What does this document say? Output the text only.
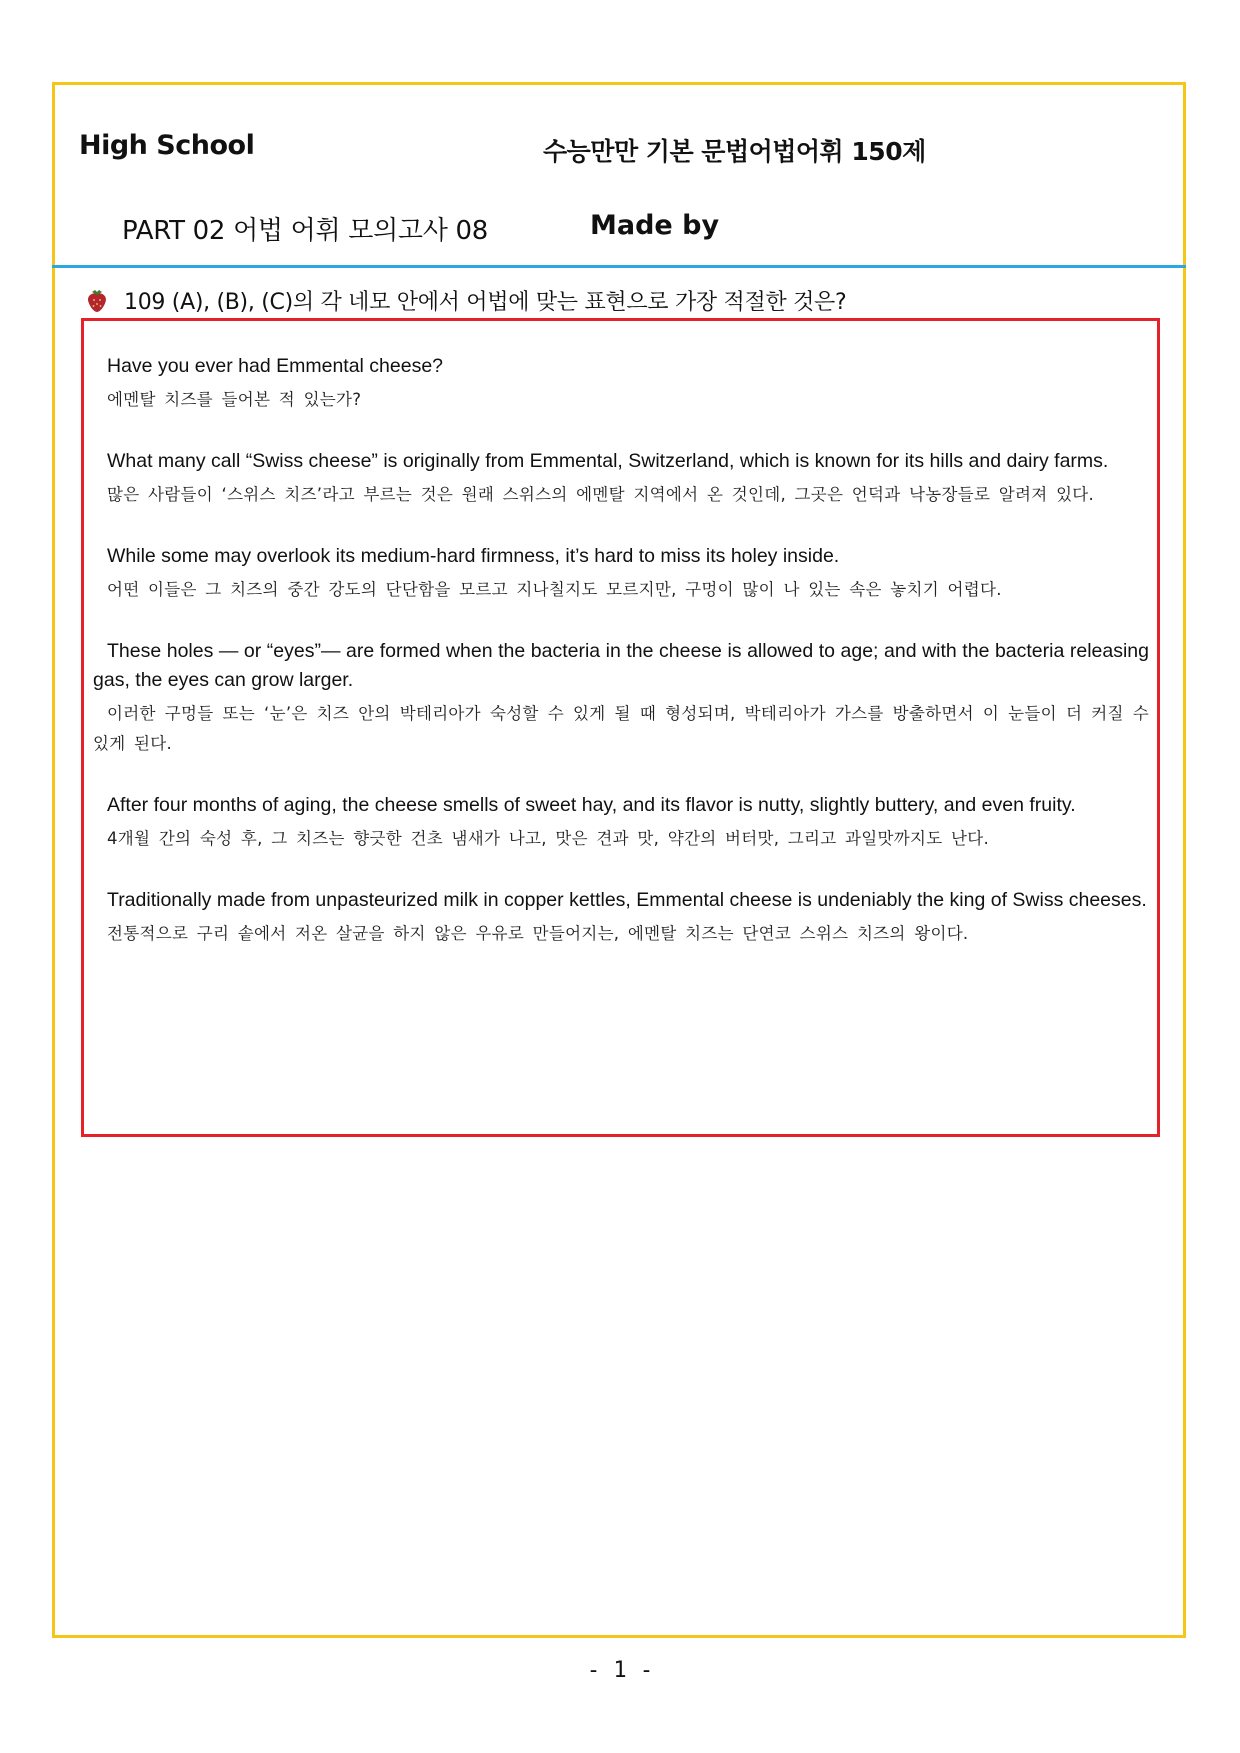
High School	수능만만 기본 문법어법어휘 150제
PART 02 어법 어휘 모의고사 08	Made by
109 (A), (B), (C)의 각 네모 안에서 어법에 맞는 표현으로 가장 적절한 것은?

Have you ever had Emmental cheese?

에멘탈 치즈를 들어본 적 있는가?

What many call “Swiss cheese” is originally from Emmental, Switzerland, which is known for its hills and dairy farms.

많은 사람들이 ‘스위스 치즈’라고 부르는 것은 원래 스위스의 에멘탈 지역에서 온 것인데, 그곳은 언덕과 낙농장들로 알려져 있다.

While some may overlook its medium-hard firmness, it’s hard to miss its holey inside.

어떤 이들은 그 치즈의 중간 강도의 단단함을 모르고 지나칠지도 모르지만, 구멍이 많이 나 있는 속은 놓치기 어렵다.

These holes — or “eyes”— are formed when the bacteria in the cheese is allowed to age; and with the bacteria releasing gas, the eyes can grow larger.

이러한 구멍들 또는 ‘눈’은 치즈 안의 박테리아가 숙성할 수 있게 될 때 형성되며, 박테리아가 가스를 방출하면서 이 눈들이 더 커질 수 있게 된다.

After four months of aging, the cheese smells of sweet hay, and its flavor is nutty, slightly buttery, and even fruity.

4개월 간의 숙성 후, 그 치즈는 향긋한 건초 냄새가 나고, 맛은 견과 맛, 약간의 버터맛, 그리고 과일맛까지도 난다.

Traditionally made from unpasteurized milk in copper kettles, Emmental cheese is undeniably the king of Swiss cheeses.

전통적으로 구리 솥에서 저온 살균을 하지 않은 우유로 만들어지는, 에멘탈 치즈는 단연코 스위스 치즈의 왕이다.

- 1 -
